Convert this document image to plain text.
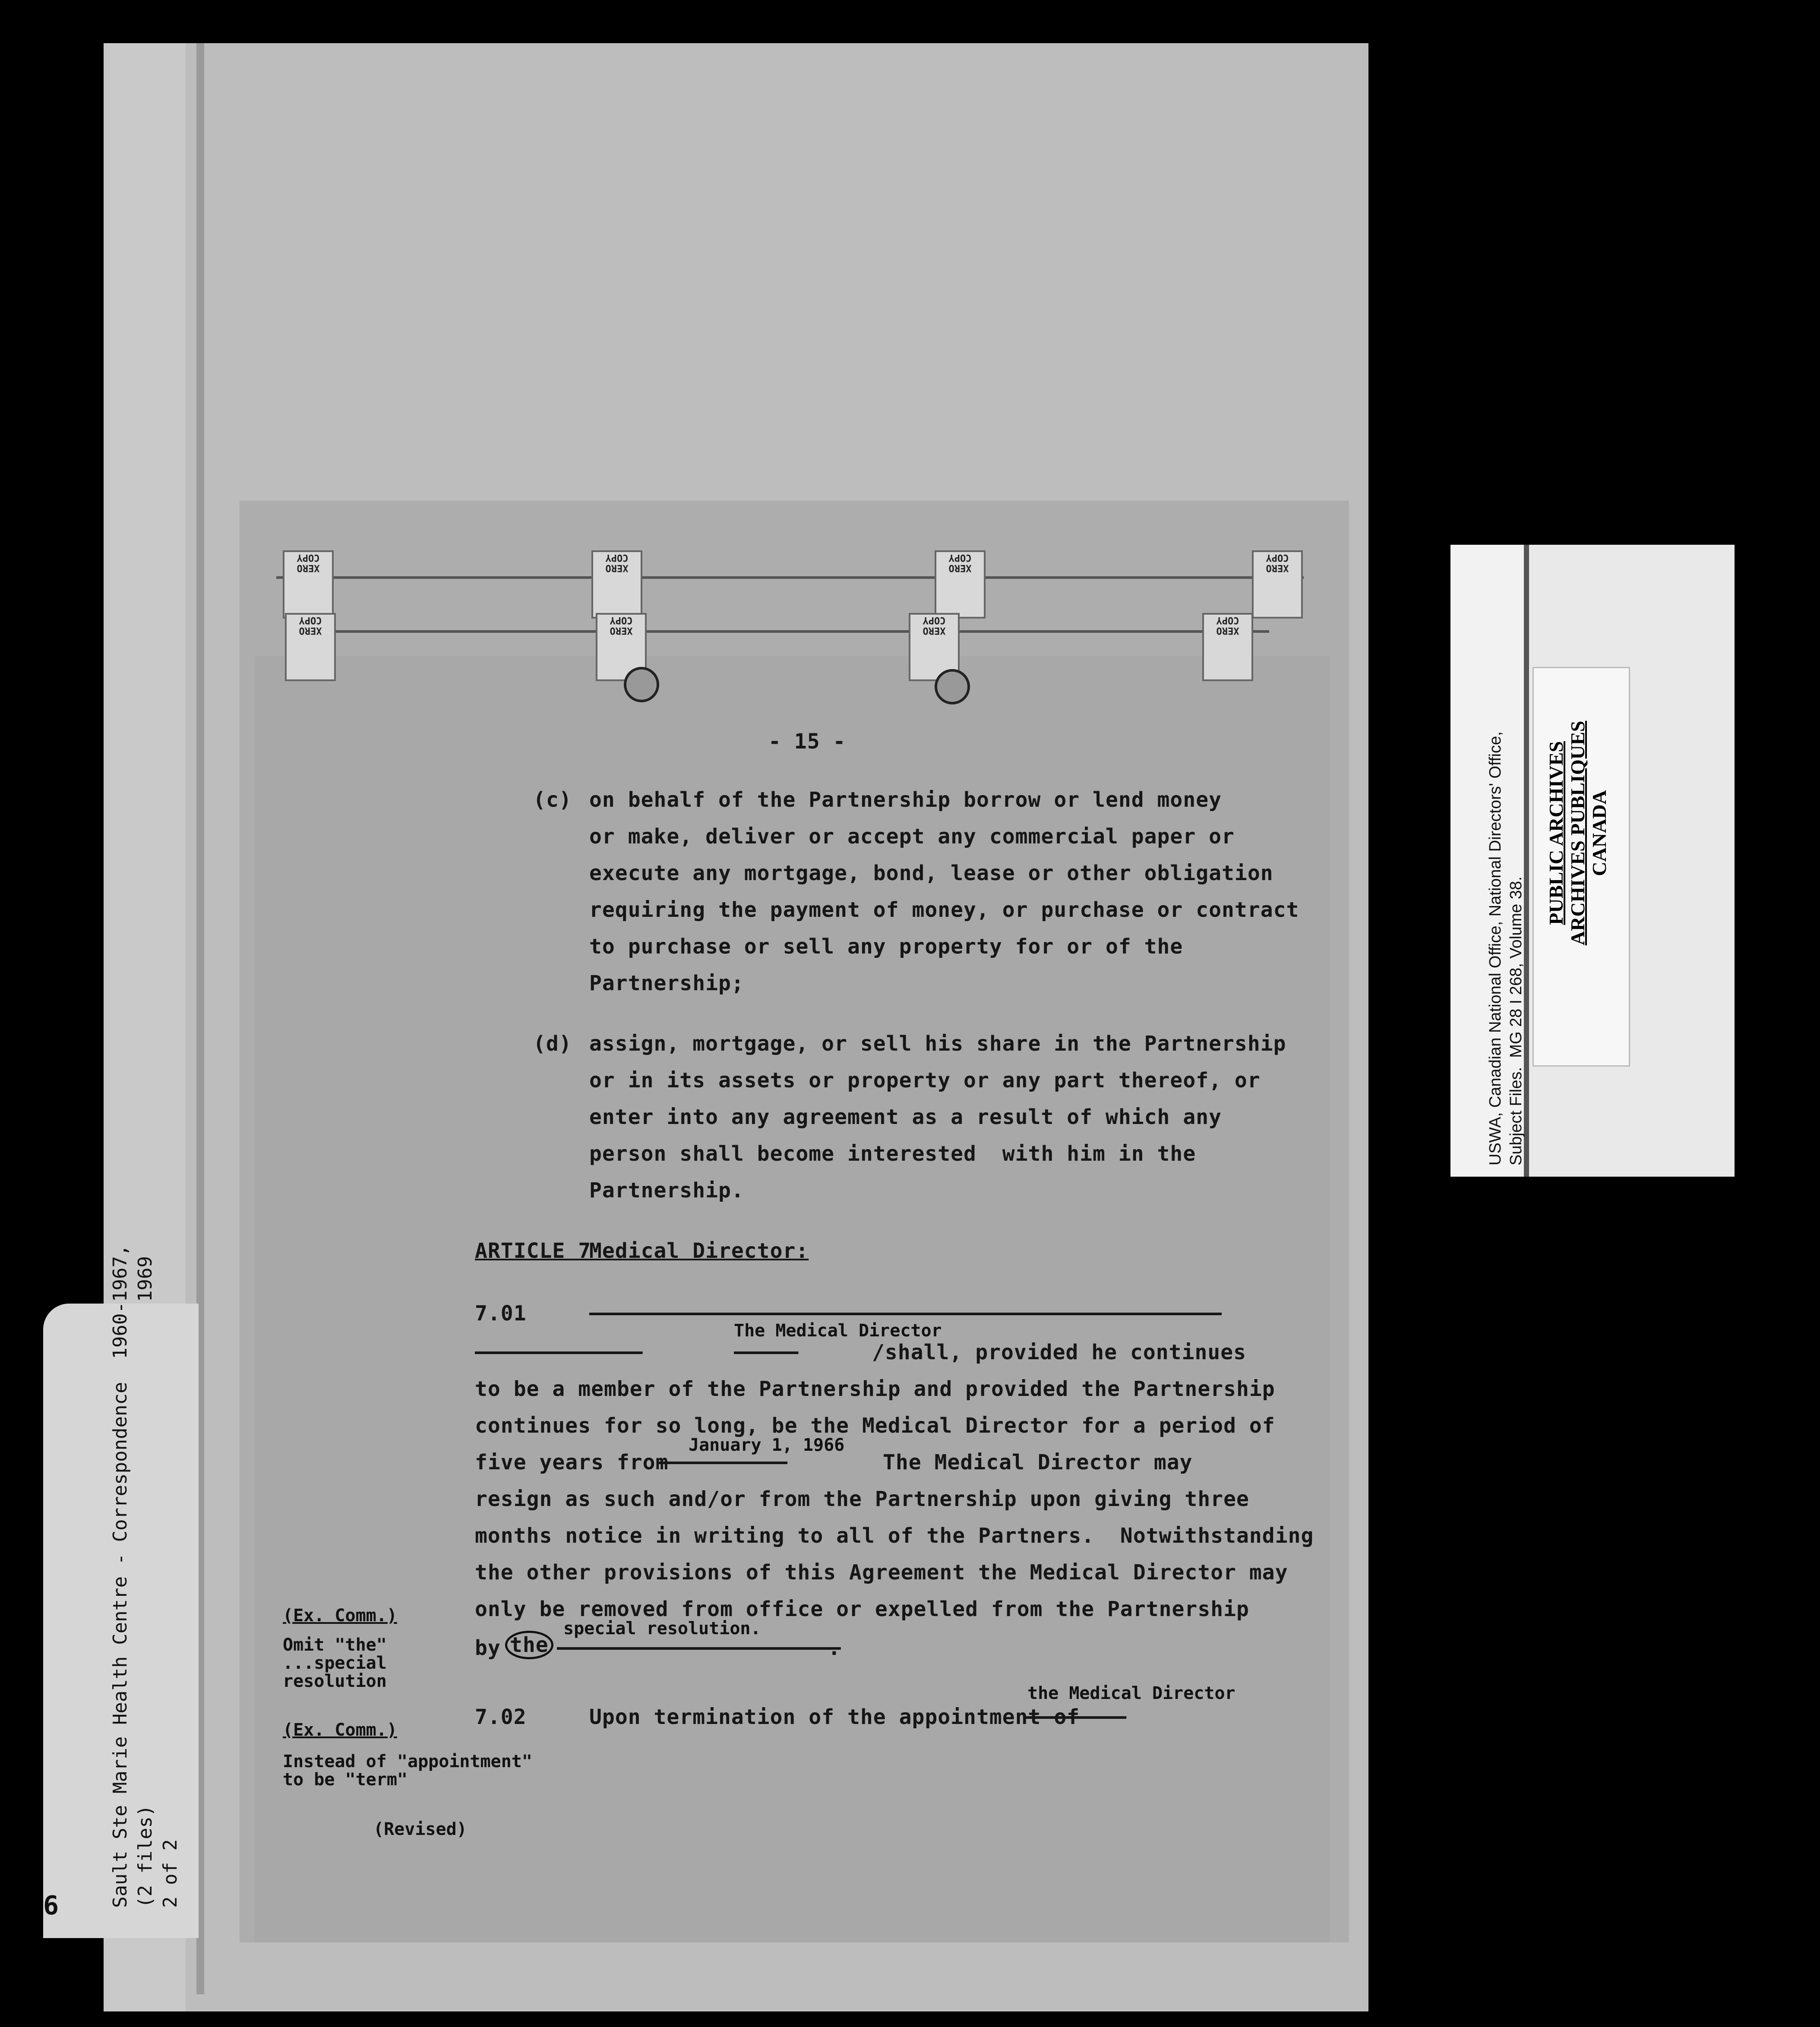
Sault Ste Marie Health Centre - Correspondence  1960-1967,
(2 files)                                            1969
2 of 2
6
XERO COPY
XERO COPY
XERO COPY
XERO COPY
XERO COPY
XERO COPY
XERO COPY
XERO COPY
- 15 -
(c) on behalf of the Partnership borrow or lend money
or make, deliver or accept any commercial paper or
execute any mortgage, bond, lease or other obligation
requiring the payment of money, or purchase or contract
to purchase or sell any property for or of the
Partnership;
(d) assign, mortgage, or sell his share in the Partnership
or in its assets or property or any part thereof, or
enter into any agreement as a result of which any
person shall become interested  with him in the
Partnership.
ARTICLE 7
Medical Director:
7.01

The Medical Director

/shall, provided he continues
to be a member of the Partnership and provided the Partnership
continues for so long, be the Medical Director for a period of
January 1, 1966
five years from
	The Medical Director may
resign as such and/or from the Partnership upon giving three
months notice in writing to all of the Partners.  Notwithstanding
the other provisions of this Agreement the Medical Director may
only be removed from office or expelled from the Partnership
special resolution.
by the .
7.02	Upon termination of the appointment of
the Medical Director

(Ex. Comm.)
Omit "the"
...special
resolution
(Ex. Comm.)
Instead of "appointment"
to be "term"
(Revised)
USWA, Canadian National Office, National Directors' Office, Subject Files.  MG 28 I 268, Volume 38.
PUBLIC ARCHIVES ARCHIVES PUBLIQUES CANADA
